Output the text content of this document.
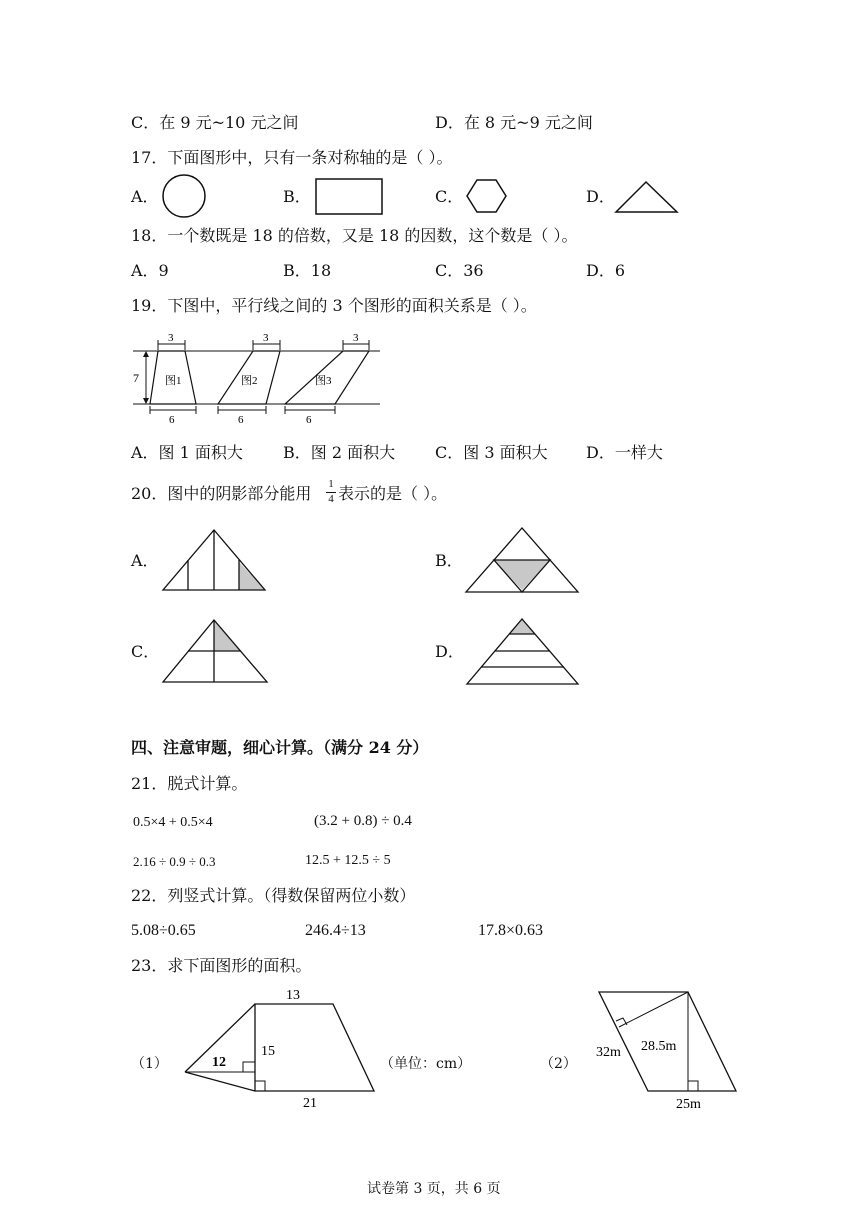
C．在 9 元~10 元之间	D．在 8 元~9 元之间
17．下面图形中，只有一条对称轴的是（ ）。
A．	B．	C．	D．
18．一个数既是 18 的倍数，又是 18 的因数，这个数是（ ）。
A．9	B．18	C．36	D．6
19．下图中，平行线之间的 3 个图形的面积关系是（ ）。
7
3	3	3
6	6	6
图1	图2	图3
A．图 1 面积大	B．图 2 面积大 C．图 3 面积大 D．一样大
20．图中的阴影部分能用 1
4 表示的是（ ）。
A．	B．
C．	D．
四、注意审题，细心计算。（满分 24 分）
21．脱式计算。
0.5×4 + 0.5×4	(3.2 + 0.8) ÷ 0.4
2.16 ÷ 0.9 ÷ 0.3	12.5 + 12.5 ÷ 5
22．列竖式计算。（得数保留两位小数）
5.08÷0.65	246.4÷13	17.8×0.63
23．求下面图形的面积。
（1）	（单位：cm）	（2）
13
21
15
12
32m 28.5m
25m
试卷第 3 页，共 6 页
